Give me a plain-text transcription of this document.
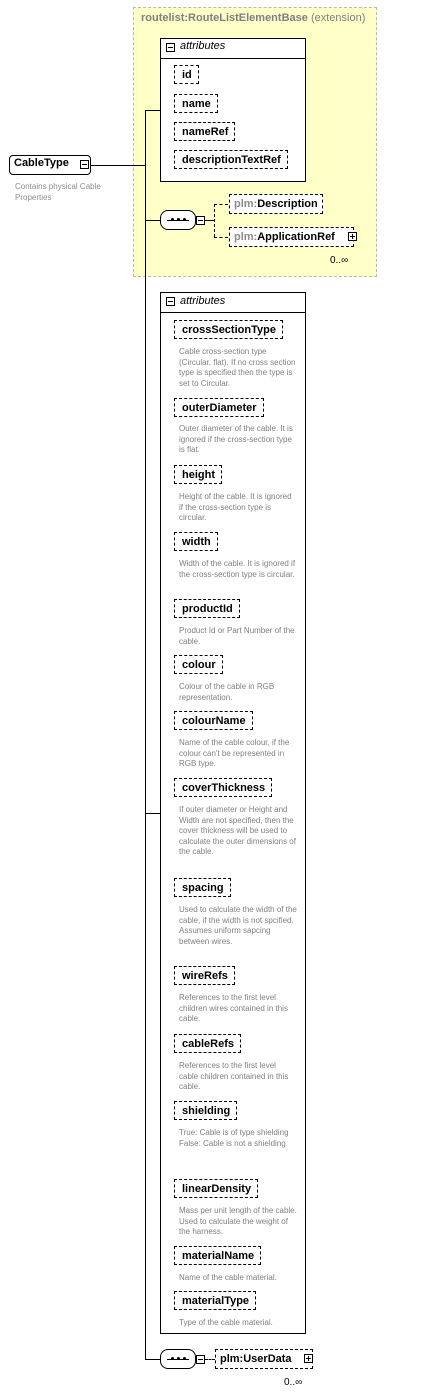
routelist:RouteListElementBase (extension)
attributes
id
name
nameRef
descriptionTextRef
CableType
Contains physical Cable Properties
plm:Description
plm:ApplicationRef
0..∞
attributes
crossSectionType
Cable cross-section type (Circular, flat). If no cross section type is specified then the type is set to Circular.
outerDiameter
Outer diameter of the cable. It is ignored if the cross-section type is flat.
height
Height of the cable. It is ignored if the cross-section type is circular.
width
Width of the cable. It is ignored if the cross-section type is circular.
productId
Product Id or Part Number of the cable.
colour
Colour of the cable in RGB representation.
colourName
Name of the cable colour, if the colour can't be represented in RGB type.
coverThickness
If outer diameter or Height and Width are not specified, then the cover thickness will be used to calculate the outer dimensions of the cable.
spacing
Used to calculate the width of the cable, if the width is not spcified. Assumes uniform sapcing between wires.
wireRefs
References to the first level children wires contained in this cable.
cableRefs
References to the first level cable children contained in this cable.
shielding
True: Cable is of type shielding
False: Cable is not a shielding
linearDensity
Mass per unit length of the cable. Used to calculate the weight of the harness.
materialName
Name of the cable material.
materialType
Type of the cable material.
plm:UserData
0..∞
